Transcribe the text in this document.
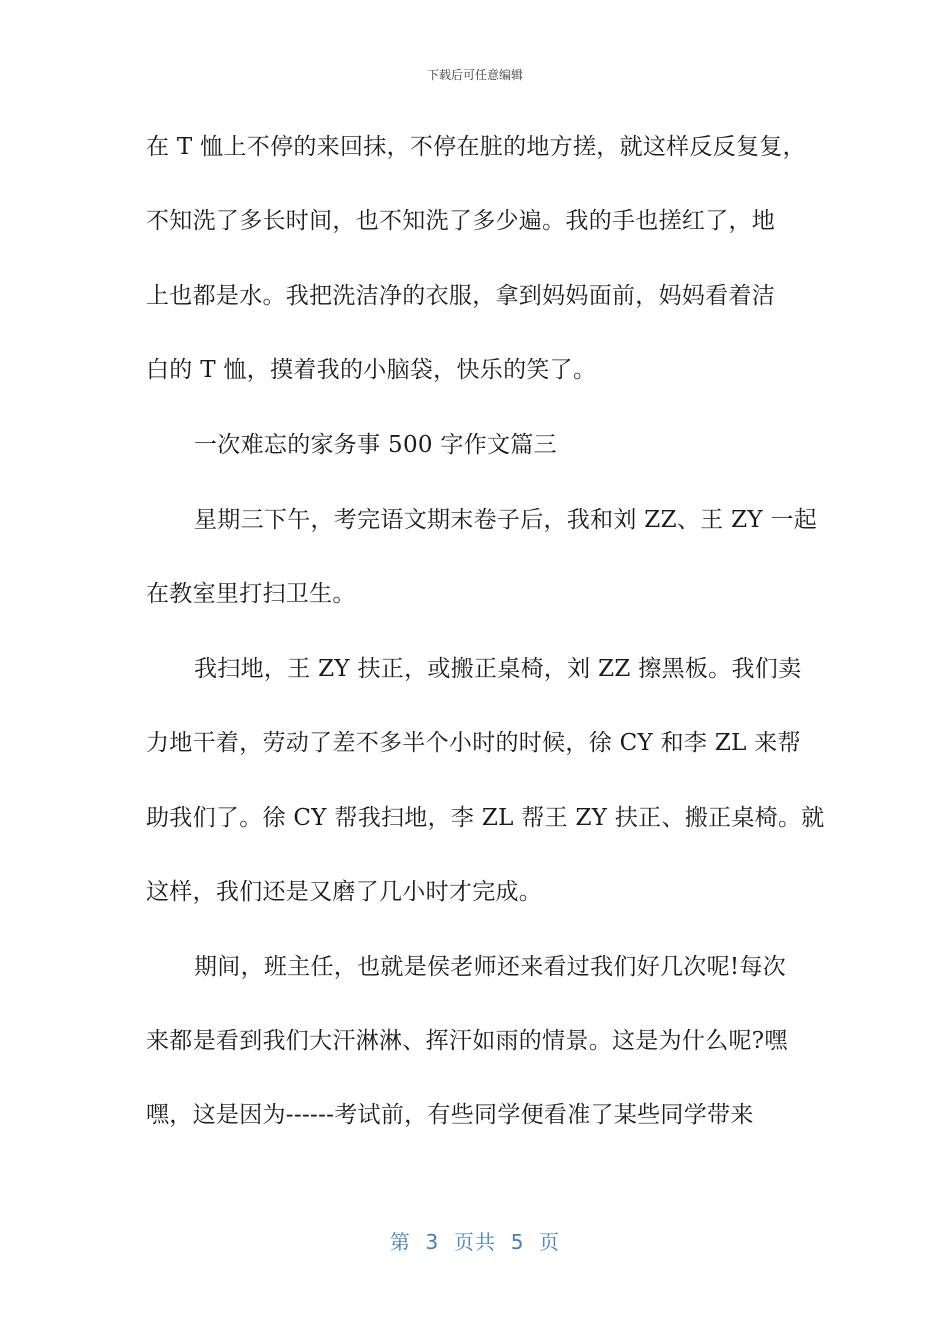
下载后可任意编辑
在 T 恤上不停的来回抹，不停在脏的地方搓，就这样反反复复，
不知洗了多长时间，也不知洗了多少遍。我的手也搓红了，地
上也都是水。我把洗洁净的衣服，拿到妈妈面前，妈妈看着洁
白的 T 恤，摸着我的小脑袋，快乐的笑了。
一次难忘的家务事 500 字作文篇三
星期三下午，考完语文期末卷子后，我和刘 ZZ、王 ZY 一起
在教室里打扫卫生。
我扫地，王 ZY 扶正，或搬正桌椅，刘 ZZ 擦黑板。我们卖
力地干着，劳动了差不多半个小时的时候，徐 CY 和李 ZL 来帮
助我们了。徐 CY 帮我扫地，李 ZL 帮王 ZY 扶正、搬正桌椅。就
这样，我们还是又磨了几小时才完成。
期间，班主任，也就是侯老师还来看过我们好几次呢!每次
来都是看到我们大汗淋淋、挥汗如雨的情景。这是为什么呢?嘿
嘿，这是因为------考试前，有些同学便看准了某些同学带来
第  3  页共  5  页
